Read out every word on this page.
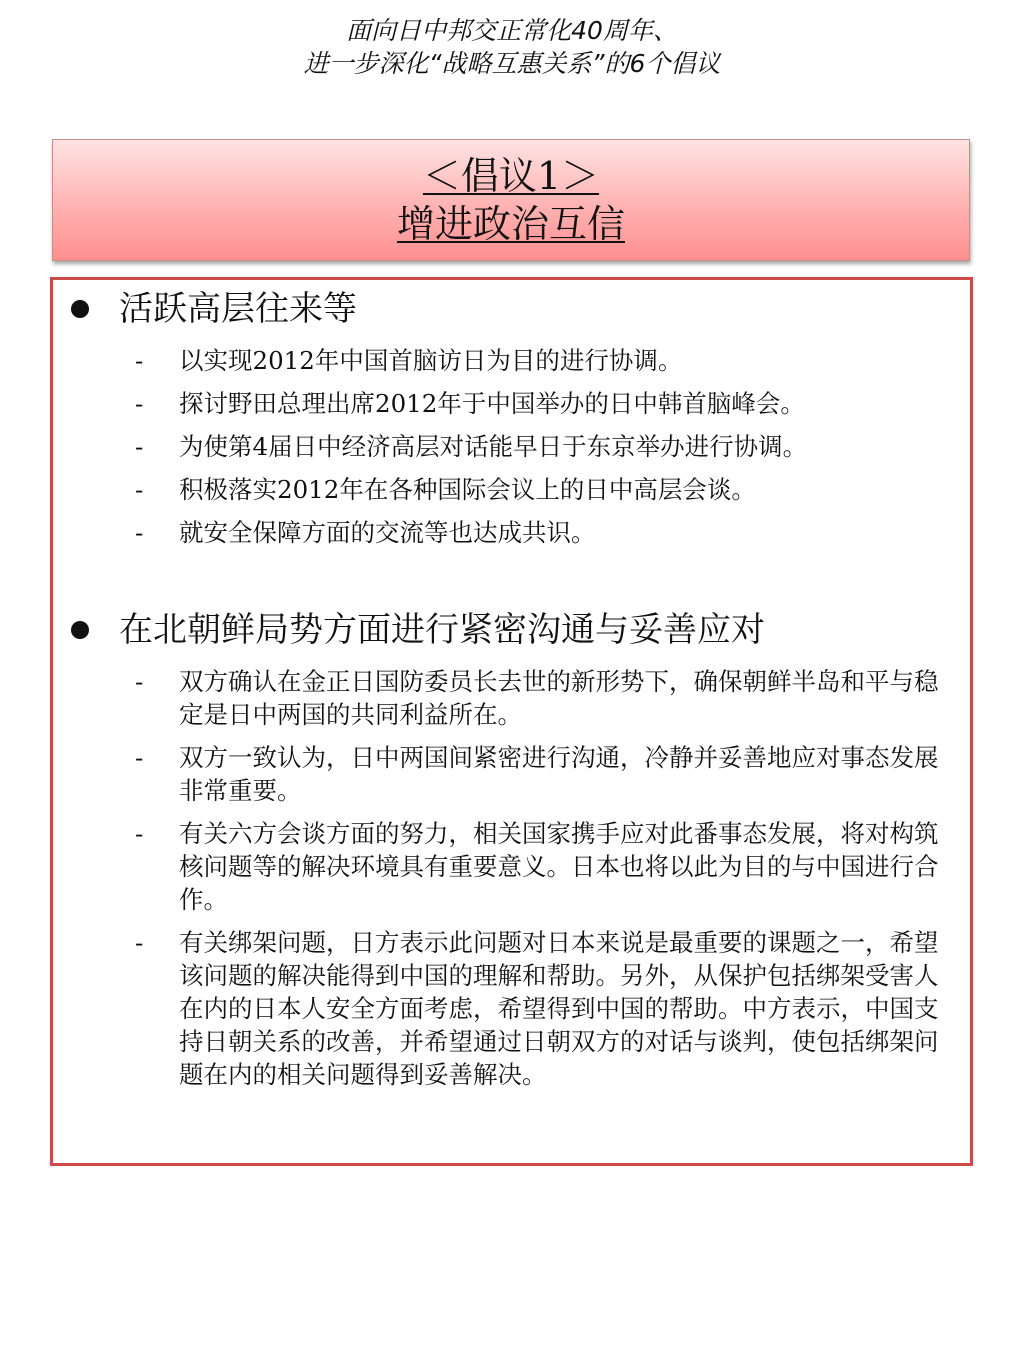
面向日中邦交正常化40周年、
进一步深化“战略互惠关系”的6个倡议
＜倡议1＞
增进政治互信
活跃高层往来等
- 以实现2012年中国首脑访日为目的进行协调。
- 探讨野田总理出席2012年于中国举办的日中韩首脑峰会。
- 为使第4届日中经济高层对话能早日于东京举办进行协调。
- 积极落实2012年在各种国际会议上的日中高层会谈。
- 就安全保障方面的交流等也达成共识。
在北朝鲜局势方面进行紧密沟通与妥善应对
- 双方确认在金正日国防委员长去世的新形势下，确保朝鲜半岛和平与稳定是日中两国的共同利益所在。
- 双方一致认为，日中两国间紧密进行沟通，冷静并妥善地应对事态发展非常重要。
- 有关六方会谈方面的努力，相关国家携手应对此番事态发展，将对构筑核问题等的解决环境具有重要意义。日本也将以此为目的与中国进行合作。
- 有关绑架问题，日方表示此问题对日本来说是最重要的课题之一，希望该问题的解决能得到中国的理解和帮助。另外，从保护包括绑架受害人在内的日本人安全方面考虑，希望得到中国的帮助。中方表示，中国支持日朝关系的改善，并希望通过日朝双方的对话与谈判，使包括绑架问题在内的相关问题得到妥善解决。
